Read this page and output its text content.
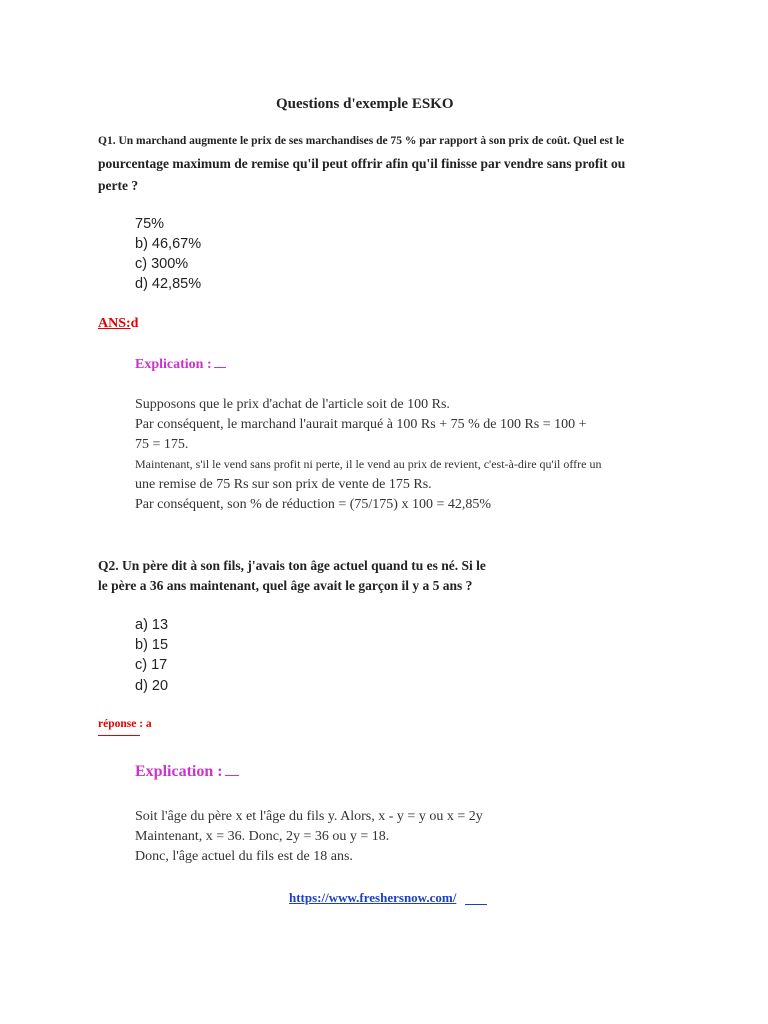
Questions d'exemple ESKO
Q1. Un marchand augmente le prix de ses marchandises de 75 % par rapport à son prix de coût. Quel est le
pourcentage maximum de remise qu'il peut offrir afin qu'il finisse par vendre sans profit ou
perte ?
75%
b) 46,67%
c) 300%
d) 42,85%
ANS:d
Explication :
Supposons que le prix d'achat de l'article soit de 100 Rs.
Par conséquent, le marchand l'aurait marqué à 100 Rs + 75 % de 100 Rs = 100 +
75 = 175.
Maintenant, s'il le vend sans profit ni perte, il le vend au prix de revient, c'est-à-dire qu'il offre un
une remise de 75 Rs sur son prix de vente de 175 Rs.
Par conséquent, son % de réduction = (75/175) x 100 = 42,85%
Q2. Un père dit à son fils, j'avais ton âge actuel quand tu es né. Si le
le père a 36 ans maintenant, quel âge avait le garçon il y a 5 ans ?
a) 13
b) 15
c) 17
d) 20
réponse : a
Explication :
Soit l'âge du père x et l'âge du fils y. Alors, x - y = y ou x = 2y
Maintenant, x = 36. Donc, 2y = 36 ou y = 18.
Donc, l'âge actuel du fils est de 18 ans.
https://www.freshersnow.com/
